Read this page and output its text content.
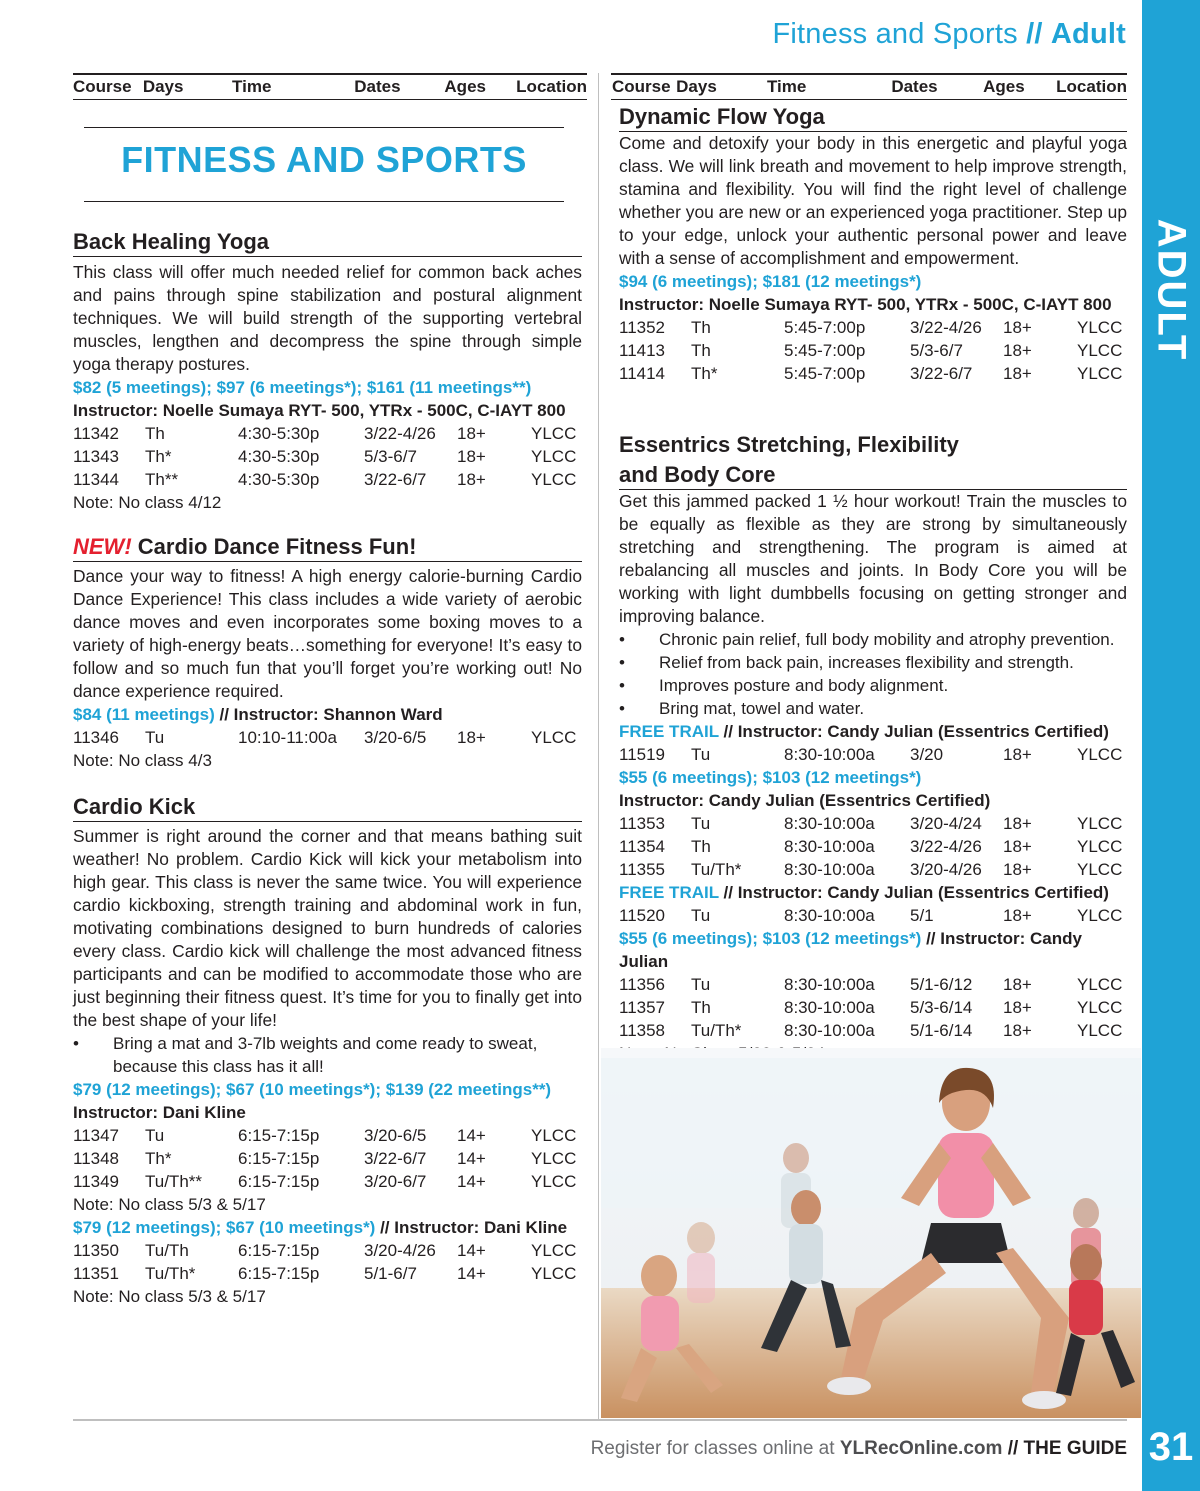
Fitness and Sports // Adult
ADULT
Course Days	Time	Dates	Ages	Location
FITNESS AND SPORTS
Back Healing Yoga
This class will offer much needed relief for common back aches and pains through spine stabilization and postural alignment techniques. We will build strength of the supporting vertebral muscles, lengthen and decompress the spine through simple yoga therapy postures.
$82 (5 meetings); $97 (6 meetings*); $161 (11 meetings**)
Instructor: Noelle Sumaya RYT- 500, YTRx - 500C, C-IAYT 800
11342	Th	4:30-5:30p	3/22-4/26	18+	YLCC
11343	Th*	4:30-5:30p	5/3-6/7	18+	YLCC
11344	Th**	4:30-5:30p	3/22-6/7	18+	YLCC
Note: No class 4/12
NEW! Cardio Dance Fitness Fun!
Dance your way to fitness! A high energy calorie-burning Cardio Dance Experience! This class includes a wide variety of aerobic dance moves and even incorporates some boxing moves to a variety of high-energy beats…something for everyone! It’s easy to follow and so much fun that you’ll forget you’re working out! No dance experience required.
$84 (11 meetings) // Instructor: Shannon Ward
11346	Tu	10:10-11:00a	3/20-6/5	18+	YLCC
Note: No class 4/3
Cardio Kick
Summer is right around the corner and that means bathing suit weather! No problem. Cardio Kick will kick your metabolism into high gear. This class is never the same twice. You will experience cardio kickboxing, strength training and abdominal work in fun, motivating combinations designed to burn hundreds of calories every class. Cardio kick will challenge the most advanced fitness participants and can be modified to accommodate those who are just beginning their fitness quest. It’s time for you to finally get into the best shape of your life!
•	Bring a mat and 3-7lb weights and come ready to sweat, because this class has it all!
$79 (12 meetings); $67 (10 meetings*); $139 (22 meetings**)
Instructor: Dani Kline
11347	Tu	6:15-7:15p	3/20-6/5	14+	YLCC
11348	Th*	6:15-7:15p	3/22-6/7	14+	YLCC
11349	Tu/Th**	6:15-7:15p	3/20-6/7	14+	YLCC
Note: No class 5/3 & 5/17
$79 (12 meetings); $67 (10 meetings*) // Instructor: Dani Kline
11350	Tu/Th	6:15-7:15p	3/20-4/26	14+	YLCC
11351	Tu/Th*	6:15-7:15p	5/1-6/7	14+	YLCC
Note: No class 5/3 & 5/17
Course Days	Time	Dates	Ages	Location
Dynamic Flow Yoga
Come and detoxify your body in this energetic and playful yoga class. We will link breath and movement to help improve strength, stamina and flexibility. You will find the right level of challenge whether you are new or an experienced yoga practitioner. Step up to your edge, unlock your authentic personal power and leave with a sense of accomplishment and empowerment.
$94 (6 meetings); $181 (12 meetings*)
Instructor: Noelle Sumaya RYT- 500, YTRx - 500C, C-IAYT 800
11352	Th	5:45-7:00p	3/22-4/26	18+	YLCC
11413	Th	5:45-7:00p	5/3-6/7	18+	YLCC
11414	Th*	5:45-7:00p	3/22-6/7	18+	YLCC
Essentrics Stretching, Flexibility
and Body Core
Get this jammed packed 1 ½ hour workout! Train the muscles to be equally as flexible as they are strong by simultaneously stretching and strengthening. The program is aimed at rebalancing all muscles and joints. In Body Core you will be working with light dumbbells focusing on getting stronger and improving balance.
•	Chronic pain relief, full body mobility and atrophy prevention.
•	Relief from back pain, increases flexibility and strength.
•	Improves posture and body alignment.
•	Bring mat, towel and water.
FREE TRAIL // Instructor: Candy Julian (Essentrics Certified)
11519	Tu	8:30-10:00a	3/20	18+	YLCC
$55 (6 meetings); $103 (12 meetings*)
Instructor: Candy Julian (Essentrics Certified)
11353	Tu	8:30-10:00a	3/20-4/24	18+	YLCC
11354	Th	8:30-10:00a	3/22-4/26	18+	YLCC
11355	Tu/Th*	8:30-10:00a	3/20-4/26	18+	YLCC
FREE TRAIL // Instructor: Candy Julian (Essentrics Certified)
11520	Tu	8:30-10:00a	5/1	18+	YLCC
$55 (6 meetings); $103 (12 meetings*) // Instructor: Candy Julian
11356	Tu	8:30-10:00a	5/1-6/12	18+	YLCC
11357	Th	8:30-10:00a	5/3-6/14	18+	YLCC
11358	Tu/Th*	8:30-10:00a	5/1-6/14	18+	YLCC
Register for classes online at YLRecOnline.com // THE GUIDE 31
